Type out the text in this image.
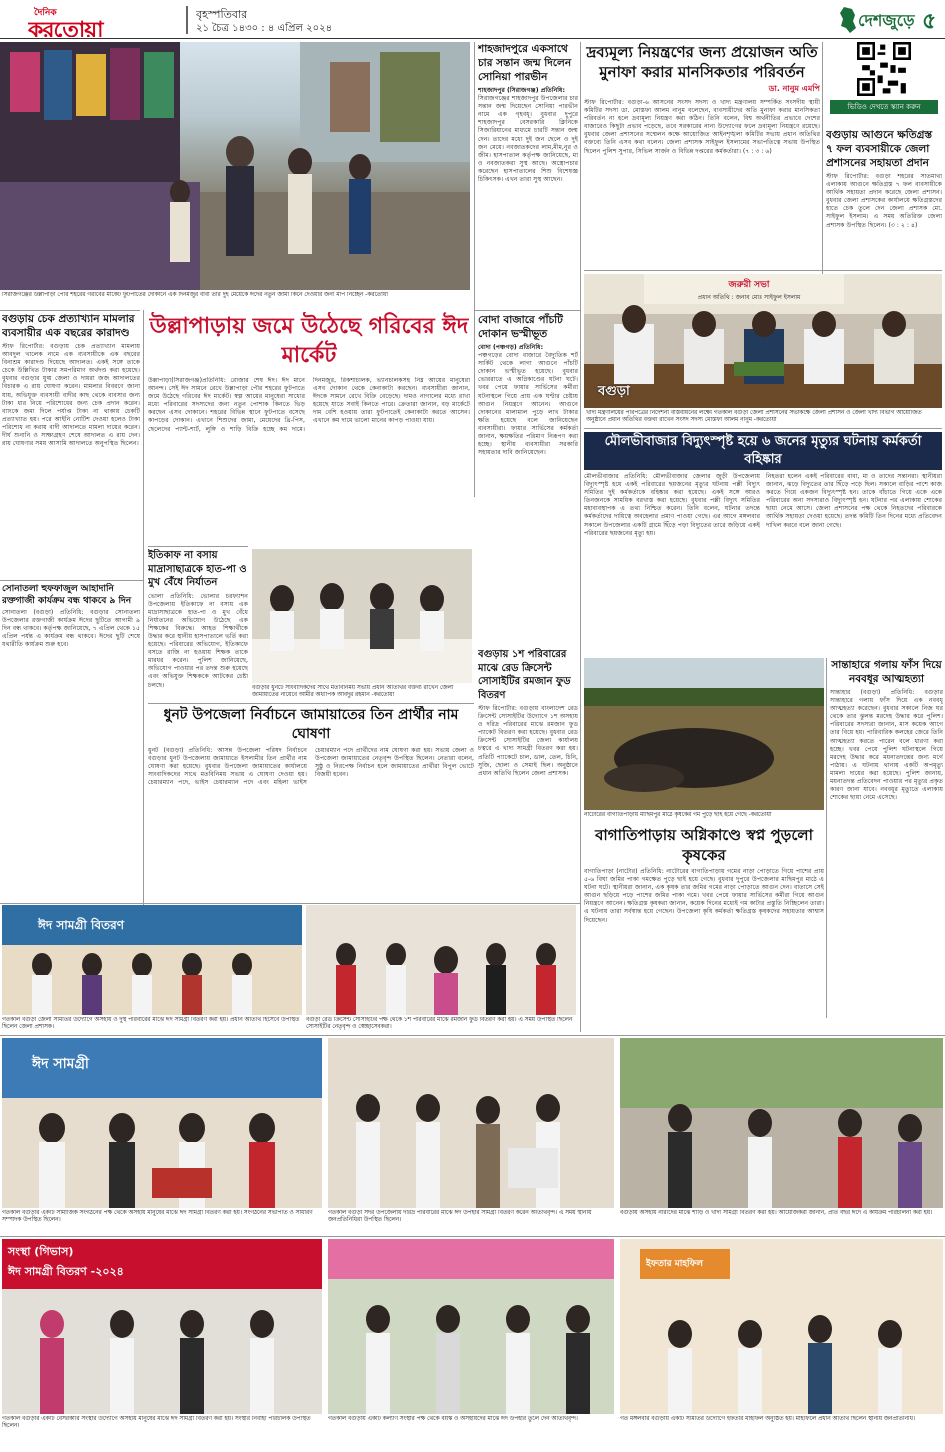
দৈনিক
করতোয়া
বৃহস্পতিবার
২১ চৈত্র ১৪৩০ : ৪ এপ্রিল ২০২৪	দেশজুড়ে ৫
সিরাজগঞ্জের উল্লাপাড়া পৌর শহরের গরীবের মার্কেট ফুটপাতের দোকানে এক দিনমজুর বাবা তার দুই মেয়েকে ঈদের নতুন জামা কিনে দেওয়ার জন্য মাপ নিচ্ছেন -করতোয়া
শাহজাদপুরে একসাথে চার সন্তান জন্ম দিলেন সোনিয়া পারভীন
শাহজাদপুর (সিরাজগঞ্জ) প্রতিনিধি:
সিরাজগঞ্জের শাহজাদপুর উপজেলার চার সন্তান জন্ম দিয়েছেন সোনিয়া পারভীন নামে এক গৃহবধূ। বুধবার দুপুরে শাহজাদপুর বেসরকারি ক্লিনিকে সিজারিয়ানের মাধ্যমে চারটি সন্তান জন্ম দেন। তাদের মধ্যে দুই জন ছেলে ও দুই জন মেয়ে। নবজাতকদের লাম,মীম,নুর ও জীম। হাসপাতাল কর্তৃপক্ষ জানিয়েছে, মা ও নবজাতকরা সুস্থ আছে। অস্ত্রোপচার করেছেন হাসপাতালের শিশু বিশেষজ্ঞ চিকিৎসক। এখন তারা সুস্থ আছেন।
দ্রব্যমূল্য নিয়ন্ত্রণের জন্য প্রয়োজন অতি মুনাফা করার মানসিকতার পরিবর্তন
ডা. নানুম এমপি
স্টাফ রিপোর্টার: বগুড়া-৬ আসনের সংসদ সদস্য ও খাদ্য মন্ত্রণালয় সম্পর্কিত সংসদীয় স্থায়ী কমিটির সদস্য ডা. মোস্তফা আলম নানুম বলেছেন, ব্যবসায়ীদের অতি মুনাফা করার মানসিকতা পরিবর্তন না হলে দ্রব্যমূল্য নিয়ন্ত্রণ করা কঠিন। তিনি বলেন, বিশ্ব অর্থনীতির প্রভাবে দেশের বাজারেও কিছুটা প্রভাব পড়েছে, তবে সরকারের নানা উদ্যোগের ফলে দ্রব্যমূল্য নিয়ন্ত্রণে রয়েছে। বুধবার জেলা প্রশাসনের সম্মেলন কক্ষে আয়োজিত আইনশৃঙ্খলা কমিটির সভায় প্রধান অতিথির বক্তব্যে তিনি এসব কথা বলেন। জেলা প্রশাসক সাইফুল ইসলামের সভাপতিত্বে সভায় উপস্থিত ছিলেন পুলিশ সুপার, সিভিল সার্জন ও বিভিন্ন দপ্তরের কর্মকর্তারা। (৭ : ৩ : ৬)
ভিডিও দেখতে স্ক্যান করুন
বগুড়ায় আগুনে ক্ষতিগ্রস্ত ৭ ফল ব্যবসায়ীকে জেলা প্রশাসনের সহায়তা প্রদান
স্টাফ রিপোর্টার: বগুড়া শহরের সাতমাথা এলাকায় আগুনে ক্ষতিগ্রস্ত ৭ ফল ব্যবসায়ীকে আর্থিক সহায়তা প্রদান করেছে জেলা প্রশাসন। বুধবার জেলা প্রশাসকের কার্যালয়ে ক্ষতিগ্রস্তদের হাতে চেক তুলে দেন জেলা প্রশাসক মো. সাইফুল ইসলাম। এ সময় অতিরিক্ত জেলা প্রশাসক উপস্থিত ছিলেন। (৩ : ২ : ৪)
জরুরী সভা
প্রধান অতিথি : জনাব মোঃ সাইফুল ইসলাম
বগুড়া
খাদ্য মন্ত্রণালয়ের পরিপত্রের নির্দেশনা বাস্তবায়নের লক্ষ্যে গতকাল বগুড়া জেলা প্রশাসনের সভাকক্ষে জেলা প্রশাসন ও জেলা খাদ্য বিভাগ আয়োজিত অনুষ্ঠানে প্রধান অতিথির বক্তব্য রাখেন সংসদ সদস্য মোস্তফা আলম নানুম -করতোয়া
বগুড়ায় চেক প্রত্যাখ্যান মামলার ব্যবসায়ীর এক বছরের কারাদণ্ড
স্টাফ রিপোর্টার: বগুড়ায় চেক প্রত্যাখ্যান মামলায় আবদুল খালেক নামে এক ব্যবসায়ীকে এক বছরের বিনাশ্রম কারাদণ্ড দিয়েছে আদালত। একই সঙ্গে তাকে চেকে উল্লিখিত টাকার সমপরিমাণ অর্থদণ্ড করা হয়েছে। বুধবার বগুড়ার যুগ্ম জেলা ও দায়রা জজ আদালতের বিচারক এ রায় ঘোষণা করেন। মামলার বিবরণে জানা যায়, অভিযুক্ত ব্যবসায়ী বাদীর কাছ থেকে ব্যবসার জন্য টাকা ধার নিয়ে পরিশোধের জন্য চেক প্রদান করেন। ব্যাংকে জমা দিলে পর্যাপ্ত টাকা না থাকায় চেকটি প্রত্যাখ্যাত হয়। পরে আইনি নোটিশ দেওয়া হলেও টাকা পরিশোধ না করায় বাদী আদালতে মামলা দায়ের করেন। দীর্ঘ শুনানি ও সাক্ষ্যগ্রহণ শেষে আদালত এ রায় দেন। রায় ঘোষণার সময় আসামি আদালতে অনুপস্থিত ছিলেন।
উল্লাপাড়ায় জমে উঠেছে গরিবের ঈদ মার্কেট
উল্লাপাড়া(সিরাজগঞ্জ)প্রতিনিধি: রোজার শেষ ঈদ। ঈদ মানে আনন্দ। সেই ঈদ সামনে রেখে উল্লাপাড়া পৌর শহরের ফুটপাতে জমে উঠেছে গরিবের ঈদ মার্কেট। স্বল্প আয়ের মানুষেরা সাধ্যের মধ্যে পরিবারের সদস্যদের জন্য নতুন পোশাক কিনতে ভিড় করছেন এসব দোকানে। শহরের বিভিন্ন স্থানে ফুটপাতে বসেছে কাপড়ের দোকান। এখানে শিশুদের জামা, মেয়েদের থ্রি-পিস, ছেলেদের প্যান্ট-শার্ট, লুঙ্গি ও শাড়ি বিক্রি হচ্ছে কম দামে। দিনমজুর, রিকশাচালক, ভ্যানচালকসহ নিম্ন আয়ের মানুষেরা এসব দোকান থেকে কেনাকাটা করছেন। ব্যবসায়ীরা জানান, ঈদকে সামনে রেখে বিক্রি বেড়েছে। দামও নাগালের মধ্যে রাখা হয়েছে যাতে সবাই কিনতে পারে। ক্রেতারা জানান, বড় মার্কেটে দাম বেশি হওয়ায় তারা ফুটপাতেই কেনাকাটা করতে আসেন। এখানে কম দামে ভালো মানের কাপড় পাওয়া যায়।
বোদা বাজারে পাঁচটি দোকান ভস্মীভূত
বোদা (পঞ্চগড়) প্রতিনিধি:
পঞ্চগড়ের বোদা বাজারে বৈদ্যুতিক শর্ট সার্কিট থেকে লাগা আগুনে পাঁচটি দোকান ভস্মীভূত হয়েছে। বুধবার ভোররাতে এ অগ্নিকাণ্ডের ঘটনা ঘটে। খবর পেয়ে ফায়ার সার্ভিসের কর্মীরা ঘটনাস্থলে গিয়ে প্রায় এক ঘণ্টার চেষ্টায় আগুন নিয়ন্ত্রণে আনেন। আগুনে দোকানের মালামাল পুড়ে লাখ টাকার ক্ষতি হয়েছে বলে জানিয়েছেন ব্যবসায়ীরা। ফায়ার সার্ভিসের কর্মকর্তা জানান, ক্ষয়ক্ষতির পরিমাণ নিরূপণ করা হচ্ছে। স্থানীয় ব্যবসায়ীরা সরকারি সহায়তার দাবি জানিয়েছেন।
মৌলভীবাজার বিদ্যুৎস্পৃষ্ট হয়ে ৬ জনের মৃত্যুর ঘটনায় কর্মকর্তা বহিষ্কার
মৌলভীবাজার প্রতিনিধি: মৌলভীবাজার জেলার জুড়ী উপজেলায় বিদ্যুৎস্পৃষ্ট হয়ে একই পরিবারের ছয়জনের মৃত্যুর ঘটনায় পল্লী বিদ্যুৎ সমিতির দুই কর্মকর্তাকে বহিষ্কার করা হয়েছে। একই সঙ্গে আরও তিনজনকে সাময়িক বরখাস্ত করা হয়েছে। বুধবার পল্লী বিদ্যুৎ সমিতির মহাব্যবস্থাপক এ তথ্য নিশ্চিত করেন। তিনি বলেন, ঘটনার তদন্তে কর্মকর্তাদের দায়িত্বে অবহেলার প্রমাণ পাওয়া গেছে। এর আগে মঙ্গলবার সকালে উপজেলার একটি গ্রামে ছিঁড়ে পড়া বিদ্যুতের তারে জড়িয়ে একই পরিবারের ছয়জনের মৃত্যু হয়।
নিহতরা হলেন একই পরিবারের বাবা, মা ও তাদের সন্তানরা। স্থানীয়রা জানান, ঝড়ে বিদ্যুতের তার ছিঁড়ে পড়ে ছিল। সকালে বাড়ির পাশে কাজ করতে গিয়ে একজন বিদ্যুৎস্পৃষ্ট হন। তাকে বাঁচাতে গিয়ে একে একে পরিবারের অন্য সদস্যরাও বিদ্যুৎস্পৃষ্ট হন। ঘটনার পর এলাকায় শোকের ছায়া নেমে আসে। জেলা প্রশাসনের পক্ষ থেকে নিহতদের পরিবারকে আর্থিক সহায়তা দেওয়া হয়েছে। তদন্ত কমিটি তিন দিনের মধ্যে প্রতিবেদন দাখিল করবে বলে জানা গেছে।
ইতিকাফ না বসায় মাদ্রাসাছাত্রকে হাত-পা ও মুখ বেঁধে নির্যাতন
ভোলা প্রতিনিধি: ভোলার চরফ্যাশন উপজেলায় ইতিকাফে না বসায় এক মাদ্রাসাছাত্রকে হাত-পা ও মুখ বেঁধে নির্যাতনের অভিযোগ উঠেছে এক শিক্ষকের বিরুদ্ধে। আহত শিক্ষার্থীকে উদ্ধার করে স্থানীয় হাসপাতালে ভর্তি করা হয়েছে। পরিবারের অভিযোগ, ইতিকাফে বসতে রাজি না হওয়ায় শিক্ষক তাকে মারধর করেন। পুলিশ জানিয়েছে, অভিযোগ পাওয়ার পর তদন্ত শুরু হয়েছে এবং অভিযুক্ত শিক্ষককে আটকের চেষ্টা চলছে।	বগুড়ার ধুনটে সাংবাদিকদের সাথে মতবিনিময় সভায় প্রধান অতিথির বক্তব্য রাখেন জেলা জামায়াতের নায়েবে আমীর অধ্যাপক আবদুর রহমান -করতোয়া
বগুড়ায় ১শ পরিবারের মাঝে রেড ক্রিসেন্ট সোসাইটির রমজান ফুড বিতরণ
স্টাফ রিপোর্টার: বগুড়ায় বাংলাদেশ রেড ক্রিসেন্ট সোসাইটির উদ্যোগে ১শ অসহায় ও দরিদ্র পরিবারের মাঝে রমজান ফুড প্যাকেট বিতরণ করা হয়েছে। বুধবার রেড ক্রিসেন্ট সোসাইটির জেলা কার্যালয় চত্বরে এ খাদ্য সামগ্রী বিতরণ করা হয়। প্রতিটি প্যাকেটে চাল, ডাল, তেল, চিনি, সুজি, ছোলা ও সেমাই ছিল। অনুষ্ঠানে প্রধান অতিথি ছিলেন জেলা প্রশাসক।
সোনাতলা হুফফাজুল আহাদানি রক্তগাজী কার্যক্রম বন্ধ থাকবে ৯ দিন
সোনাতলা (বগুড়া) প্রতিনিধি: বগুড়ার সোনাতলা উপজেলার রক্তগাজী কার্যক্রম ঈদের ছুটিতে আগামী ৯ দিন বন্ধ থাকবে। কর্তৃপক্ষ জানিয়েছে, ৭ এপ্রিল থেকে ১৫ এপ্রিল পর্যন্ত এ কার্যক্রম বন্ধ থাকবে। ঈদের ছুটি শেষে যথারীতি কার্যক্রম শুরু হবে।
ধুনট উপজেলা নির্বাচনে জামায়াতের তিন প্রার্থীর নাম ঘোষণা
ধুনট (বগুড়া) প্রতিনিধি: আসন্ন উপজেলা পরিষদ নির্বাচনে বগুড়ার ধুনট উপজেলায় জামায়াতে ইসলামীর তিন প্রার্থীর নাম ঘোষণা করা হয়েছে। বুধবার উপজেলা জামায়াতের কার্যালয়ে সাংবাদিকদের সাথে মতবিনিময় সভায় এ ঘোষণা দেওয়া হয়। চেয়ারম্যান পদে, ভাইস চেয়ারম্যান পদে এবং মহিলা ভাইস চেয়ারম্যান পদে প্রার্থীদের নাম ঘোষণা করা হয়। সভায় জেলা ও উপজেলা জামায়াতের নেতৃবৃন্দ উপস্থিত ছিলেন। নেতারা বলেন, সুষ্ঠু ও নিরপেক্ষ নির্বাচন হলে জামায়াতের প্রার্থীরা বিপুল ভোটে বিজয়ী হবেন।
নাটোরের বাগাতিপাড়ায় মাছিমপুর মাঠে কৃষকের গম পুড়ে ছাই হয়ে গেছে -করতোয়া
সান্তাহারে গলায় ফাঁস দিয়ে নববধূর আত্মহত্যা
সান্তাহার (বগুড়া) প্রতিনিধি: বগুড়ার সান্তাহারে গলায় ফাঁস দিয়ে এক নববধূ আত্মহত্যা করেছেন। বুধবার সকালে নিজ ঘর থেকে তার ঝুলন্ত মরদেহ উদ্ধার করে পুলিশ। পরিবারের সদস্যরা জানান, মাস কয়েক আগে তার বিয়ে হয়। পারিবারিক কলহের জেরে তিনি আত্মহত্যা করতে পারেন বলে ধারণা করা হচ্ছে। খবর পেয়ে পুলিশ ঘটনাস্থলে গিয়ে মরদেহ উদ্ধার করে ময়নাতদন্তের জন্য মর্গে পাঠায়। এ ঘটনায় থানায় একটি অপমৃত্যু মামলা দায়ের করা হয়েছে। পুলিশ জানায়, ময়নাতদন্ত প্রতিবেদন পাওয়ার পর মৃত্যুর প্রকৃত কারণ জানা যাবে। নববধূর মৃত্যুতে এলাকায় শোকের ছায়া নেমে এসেছে।
বাগাতিপাড়ায় অগ্নিকাণ্ডে স্বপ্ন পুড়লো কৃষকের
বাগাতিপাড়া (নাটোর) প্রতিনিধি: নাটোরের বাগাতিপাড়ায় গমের নাড়া পোড়াতে গিয়ে পাশের প্রায় ৫-৬ বিঘা জমির পাকা গমক্ষেত পুড়ে ছাই হয়ে গেছে। বুধবার দুপুরে উপজেলার মাছিমপুর মাঠে এ ঘটনা ঘটে। স্থানীয়রা জানান, এক কৃষক তার জমির গমের নাড়া পোড়াতে আগুন দেন। বাতাসে সেই আগুন ছড়িয়ে পড়ে পাশের জমির পাকা গমে। খবর পেয়ে ফায়ার সার্ভিসের কর্মীরা গিয়ে আগুন নিয়ন্ত্রণে আনেন। ক্ষতিগ্রস্ত কৃষকরা জানান, কয়েক দিনের মধ্যেই গম কাটার প্রস্তুতি নিচ্ছিলেন তারা। এ ঘটনায় তারা সর্বস্বান্ত হয়ে গেছেন। উপজেলা কৃষি কর্মকর্তা ক্ষতিগ্রস্ত কৃষকদের সহায়তার আশ্বাস দিয়েছেন।
ঈদ সামগ্রী বিতরণ
গতকাল বগুড়া জেলা সমিতির উদ্যোগে অসহায় ও দুস্থ পরিবারের মাঝে ঈদ সামগ্রী বিতরণ করা হয়। প্রধান অতিথি হিসেবে উপস্থিত ছিলেন জেলা প্রশাসক।
বগুড়া রেড ক্রিসেন্ট সোসাইটির পক্ষ থেকে ১শ পরিবারের মাঝে রমজান ফুড বিতরণ করা হয়। এ সময় উপস্থিত ছিলেন সোসাইটির নেতৃবৃন্দ ও স্বেচ্ছাসেবকরা।
ঈদ সামগ্রী
গতকাল বগুড়ার একটি সামাজিক সংগঠনের পক্ষ থেকে অসহায় মানুষের মাঝে ঈদ সামগ্রী বিতরণ করা হয়। সংগঠনের সভাপতি ও সাধারণ সম্পাদক উপস্থিত ছিলেন।
গতকাল বগুড়া সদর উপজেলায় দরিদ্র পরিবারের মাঝে ঈদ উপহার সামগ্রী বিতরণ করেন অতিথিবৃন্দ। এ সময় স্থানীয় জনপ্রতিনিধিরা উপস্থিত ছিলেন।
বগুড়ায় অসহায় নারীদের মাঝে শাড়ি ও খাদ্য সামগ্রী বিতরণ করা হয়। আয়োজকরা জানান, প্রতি বছর ঈদে এ কার্যক্রম পরিচালনা করা হয়।
সংস্থা (গিভাস)
ঈদ সামগ্রী বিতরণ -২০২৪
ইফতার মাহফিল
গতকাল বগুড়ার একটি বেসরকারি সংস্থার উদ্যোগে অসহায় মানুষের মাঝে ঈদ সামগ্রী বিতরণ করা হয়। সংস্থার নির্বাহী পরিচালক উপস্থিত ছিলেন।
গতকাল বগুড়ায় একটি কল্যাণ সংস্থার পক্ষ থেকে বয়স্ক ও অসহায়দের মাঝে ঈদ উপহার তুলে দেন অতিথিবৃন্দ।	গত মঙ্গলবার বগুড়ায় একটি সমিতির উদ্যোগে ইফতার মাহফিল অনুষ্ঠিত হয়। মাহফিলে প্রধান অতিথি ছিলেন স্থানীয় জনপ্রতিনিধি।
